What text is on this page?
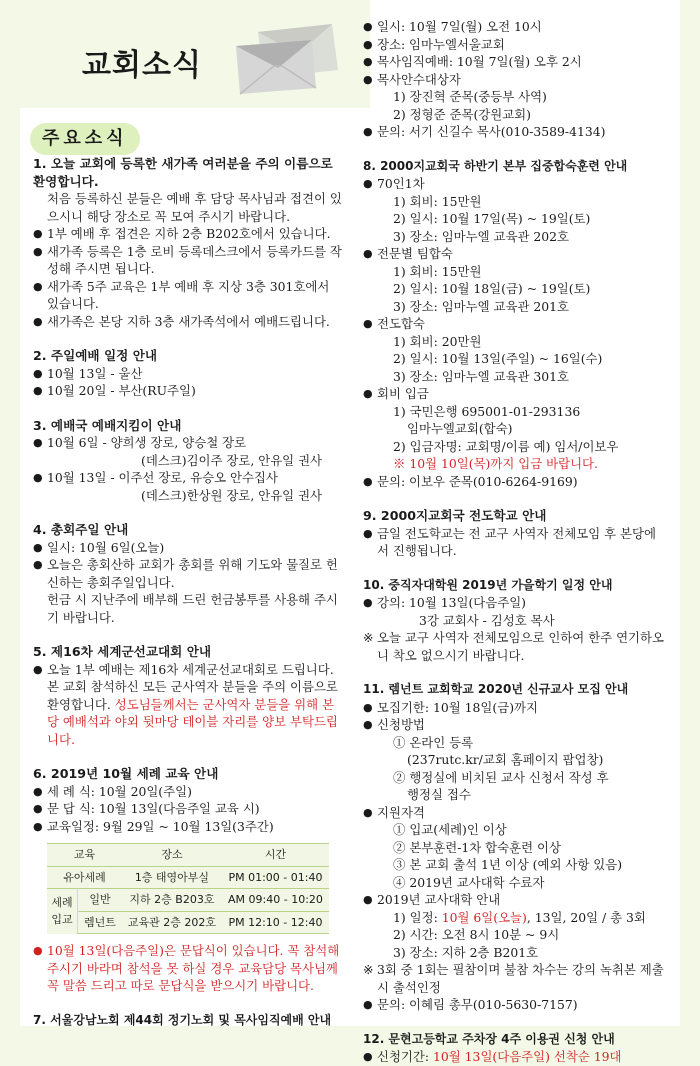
교회소식
주요소식
1. 오늘 교회에 등록한 새가족 여러분을 주의 이름으로 환영합니다.
처음 등록하신 분들은 예배 후 담당 목사님과 접견이 있으시니 해당 장소로 꼭 모여 주시기 바랍니다.
● 1부 예배 후 접견은 지하 2층 B202호에서 있습니다.
● 새가족 등록은 1층 로비 등록데스크에서 등록카드를 작성해 주시면 됩니다.
● 새가족 5주 교육은 1부 예배 후 지상 3층 301호에서 있습니다.
● 새가족은 본당 지하 3층 새가족석에서 예배드립니다.
2. 주일예배 일정 안내
● 10월 13일 - 울산
● 10월 20일 - 부산(RU주일)
3. 예배국 예배지킴이 안내
● 10월 6일 - 양희생 장로, 양승철 장로
(데스크)김이주 장로, 안유일 권사
● 10월 13일 - 이주선 장로, 유승오 안수집사
(데스크)한상원 장로, 안유일 권사
4. 총회주일 안내
● 일시: 10월 6일(오늘)
● 오늘은 총회산하 교회가 총회를 위해 기도와 물질로 헌신하는 총회주일입니다.
헌금 시 지난주에 배부해 드린 헌금봉투를 사용해 주시기 바랍니다.
5. 제16차 세계군선교대회 안내
● 오늘 1부 예배는 제16차 세계군선교대회로 드립니다. 본 교회 참석하신 모든 군사역자 분들을 주의 이름으로 환영합니다. 성도님들께서는 군사역자 분들을 위해 본당 예배석과 야외 뒷마당 테이블 자리를 양보 부탁드립니다.
6. 2019년 10월 세례 교육 안내
● 세 례 식: 10월 20일(주일)
● 문 답 식: 10월 13일(다음주일 교육 시)
● 교육일정: 9월 29일 ~ 10월 13일(3주간)
교육		장소	시간
유아세례		1층 태영아부실	PM 01:00 - 01:40
세례 입교	일반	지하 2층 B203호	AM 09:40 - 10:20
	렘넌트	교육관 2층 202호	PM 12:10 - 12:40
● 10월 13일(다음주일)은 문답식이 있습니다. 꼭 참석해 주시기 바라며 참석을 못 하실 경우 교육담당 목사님께 꼭 말씀 드리고 따로 문답식을 받으시기 바랍니다.
7. 서울강남노회 제44회 정기노회 및 목사임직예배 안내
● 일시: 10월 7일(월) 오전 10시
● 장소: 임마누엘서울교회
● 목사임직예배: 10월 7일(월) 오후 2시
● 목사안수대상자
1) 장진혁 준목(중등부 사역)
2) 정형준 준목(강원교회)
● 문의: 서기 신길수 목사(010-3589-4134)
8. 2000지교회국 하반기 본부 집중합숙훈련 안내
● 70인1차
1) 회비: 15만원
2) 일시: 10월 17일(목) ~ 19일(토)
3) 장소: 임마누엘 교육관 202호
● 전문별 팀합숙
1) 회비: 15만원
2) 일시: 10월 18일(금) ~ 19일(토)
3) 장소: 임마누엘 교육관 201호
● 전도합숙
1) 회비: 20만원
2) 일시: 10월 13일(주일) ~ 16일(수)
3) 장소: 임마누엘 교육관 301호
● 회비 입금
1) 국민은행 695001-01-293136
임마누엘교회(합숙)
2) 입금자명: 교회명/이름 예) 임서/이보우
※ 10월 10일(목)까지 입금 바랍니다.
● 문의: 이보우 준목(010-6264-9169)
9. 2000지교회국 전도학교 안내
● 금일 전도학교는 전 교구 사역자 전체모임 후 본당에서 진행됩니다.
10. 중직자대학원 2019년 가을학기 일정 안내
● 강의: 10월 13일(다음주일)
3강 교회사 - 김성호 목사
※ 오늘 교구 사역자 전체모임으로 인하여 한주 연기하오니 착오 없으시기 바랍니다.
11. 렘넌트 교회학교 2020년 신규교사 모집 안내
● 모집기한: 10월 18일(금)까지
● 신청방법
① 온라인 등록
(237rutc.kr/교회 홈페이지 팝업창)
② 행정실에 비치된 교사 신청서 작성 후
행정실 접수
● 지원자격
① 입교(세례)인 이상
② 본부훈련-1차 합숙훈련 이상
③ 본 교회 출석 1년 이상 (예외 사항 있음)
④ 2019년 교사대학 수료자
● 2019년 교사대학 안내
1) 일정: 10월 6일(오늘), 13일, 20일 / 총 3회
2) 시간: 오전 8시 10분 ~ 9시
3) 장소: 지하 2층 B201호
※ 3회 중 1회는 필참이며 불참 차수는 강의 녹취본 제출시 출석인정
● 문의: 이혜림 총무(010-5630-7157)
12. 문현고등학교 주차장 4주 이용권 신청 안내
● 신청기간: 10월 13일(다음주일) 선착순 19대
